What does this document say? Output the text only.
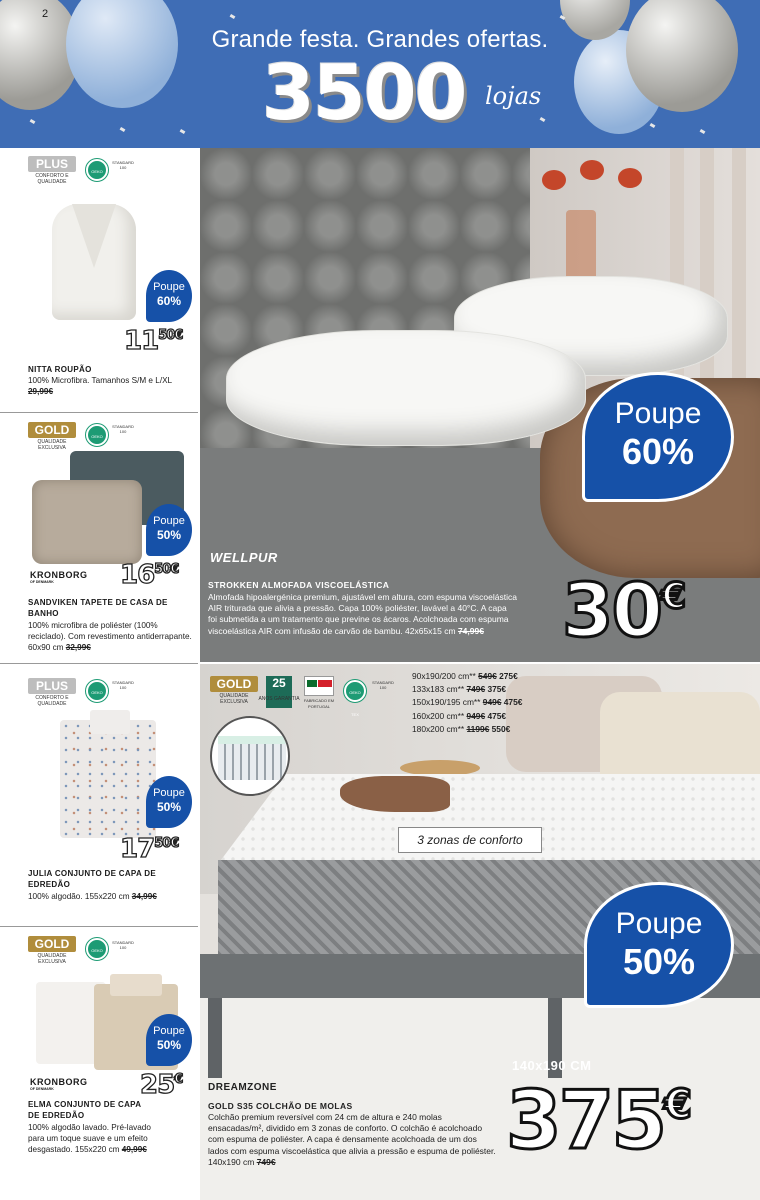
2
Grande festa. Grandes ofertas.
3500 lojas
PLUS
CONFORTO E QUALIDADE
OEKO TEX
STANDARD 100
Poupe
60%
$11^{50€}$
NITTA ROUPÃO
100% Microfibra. Tamanhos S/M e L/XL 29,99€
GOLD
QUALIDADE EXCLUSIVA
OEKO
STANDARD 100
Poupe
50%
KRONBORG
OF DENMARK	$16^{50€}$
SANDVIKEN TAPETE DE CASA DE BANHO
100% microfibra de poliéster (100% reciclado). Com revestimento antiderrapante. 60x90 cm 32,99€
PLUS
CONFORTO E QUALIDADE
OEKO
STANDARD 100
Poupe
50%
$17^{50€}$
JULIA CONJUNTO DE CAPA DE EDREDÃO
100% algodão. 155x220 cm 34,99€
GOLD
QUALIDADE EXCLUSIVA
OEKO TEX
STANDARD 100
Poupe
50%
KRONBORG
OF DENMARK	25€
ELMA CONJUNTO DE CAPA DE EDREDÃO
100% algodão lavado. Pré-lavado para um toque suave e um efeito desgastado. 155x220 cm 49,99€
Poupe
60%
WELLPUR
STROKKEN ALMOFADA VISCOELÁSTICA
Almofada hipoalergénica premium, ajustável em altura, com espuma viscoelástica AIR triturada que alivia a pressão. Capa 100% poliéster, lavável a 40°C. A capa foi submetida a um tratamento que previne os ácaros. Acolchoada com espuma viscoelástica AIR com infusão de carvão de bambu. 42x65x15 cm 74,99€	30€
GOLD
QUALIDADE EXCLUSIVA
25
ANOS GARANTIA	FABRICADO EM PORTUGAL
OEKO TEX
STANDARD 100
90x190/200 cm** 549€ 275€
133x183 cm** 749€ 375€
150x190/195 cm** 949€ 475€
160x200 cm** 949€ 475€
180x200 cm** 1199€ 550€
3 zonas de conforto
Poupe
50%
140x190 CM
375€
DREAMZONE
GOLD S35 COLCHÃO DE MOLAS
Colchão premium reversível com 24 cm de altura e 240 molas ensacadas/m², dividido em 3 zonas de conforto. O colchão é acolchoado com espuma de poliéster. A capa é densamente acolchoada de um dos lados com espuma viscoelástica que alivia a pressão e espuma de poliéster. 140x190 cm 749€
